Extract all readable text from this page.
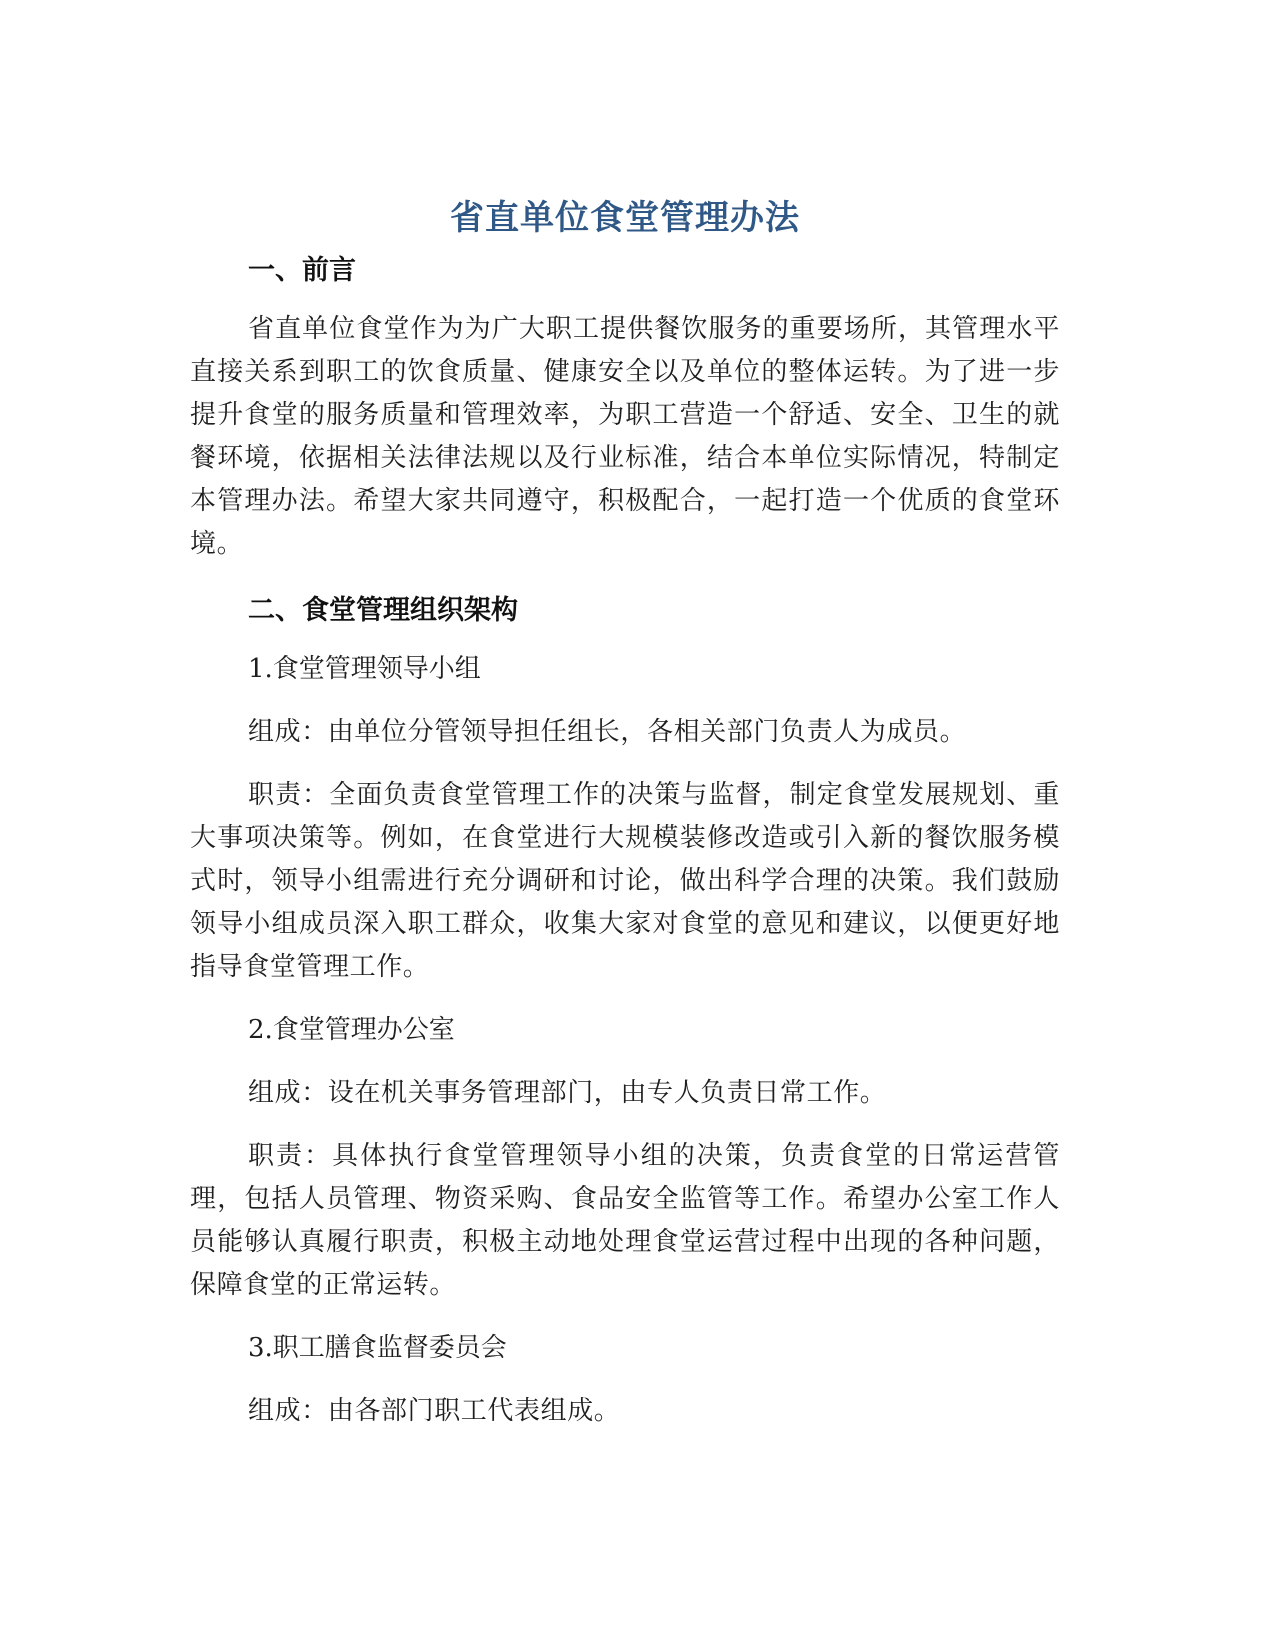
省直单位食堂管理办法
一、前言

省直单位食堂作为为广大职工提供餐饮服务的重要场所，其管理水平直接关系到职工的饮食质量、健康安全以及单位的整体运转。为了进一步提升食堂的服务质量和管理效率，为职工营造一个舒适、安全、卫生的就餐环境，依据相关法律法规以及行业标准，结合本单位实际情况，特制定本管理办法。希望大家共同遵守，积极配合，一起打造一个优质的食堂环境。

二、食堂管理组织架构

1.食堂管理领导小组

组成：由单位分管领导担任组长，各相关部门负责人为成员。

职责：全面负责食堂管理工作的决策与监督，制定食堂发展规划、重大事项决策等。例如，在食堂进行大规模装修改造或引入新的餐饮服务模式时，领导小组需进行充分调研和讨论，做出科学合理的决策。我们鼓励领导小组成员深入职工群众，收集大家对食堂的意见和建议，以便更好地指导食堂管理工作。

2.食堂管理办公室

组成：设在机关事务管理部门，由专人负责日常工作。

职责：具体执行食堂管理领导小组的决策，负责食堂的日常运营管理，包括人员管理、物资采购、食品安全监管等工作。希望办公室工作人员能够认真履行职责，积极主动地处理食堂运营过程中出现的各种问题，保障食堂的正常运转。

3.职工膳食监督委员会

组成：由各部门职工代表组成。
